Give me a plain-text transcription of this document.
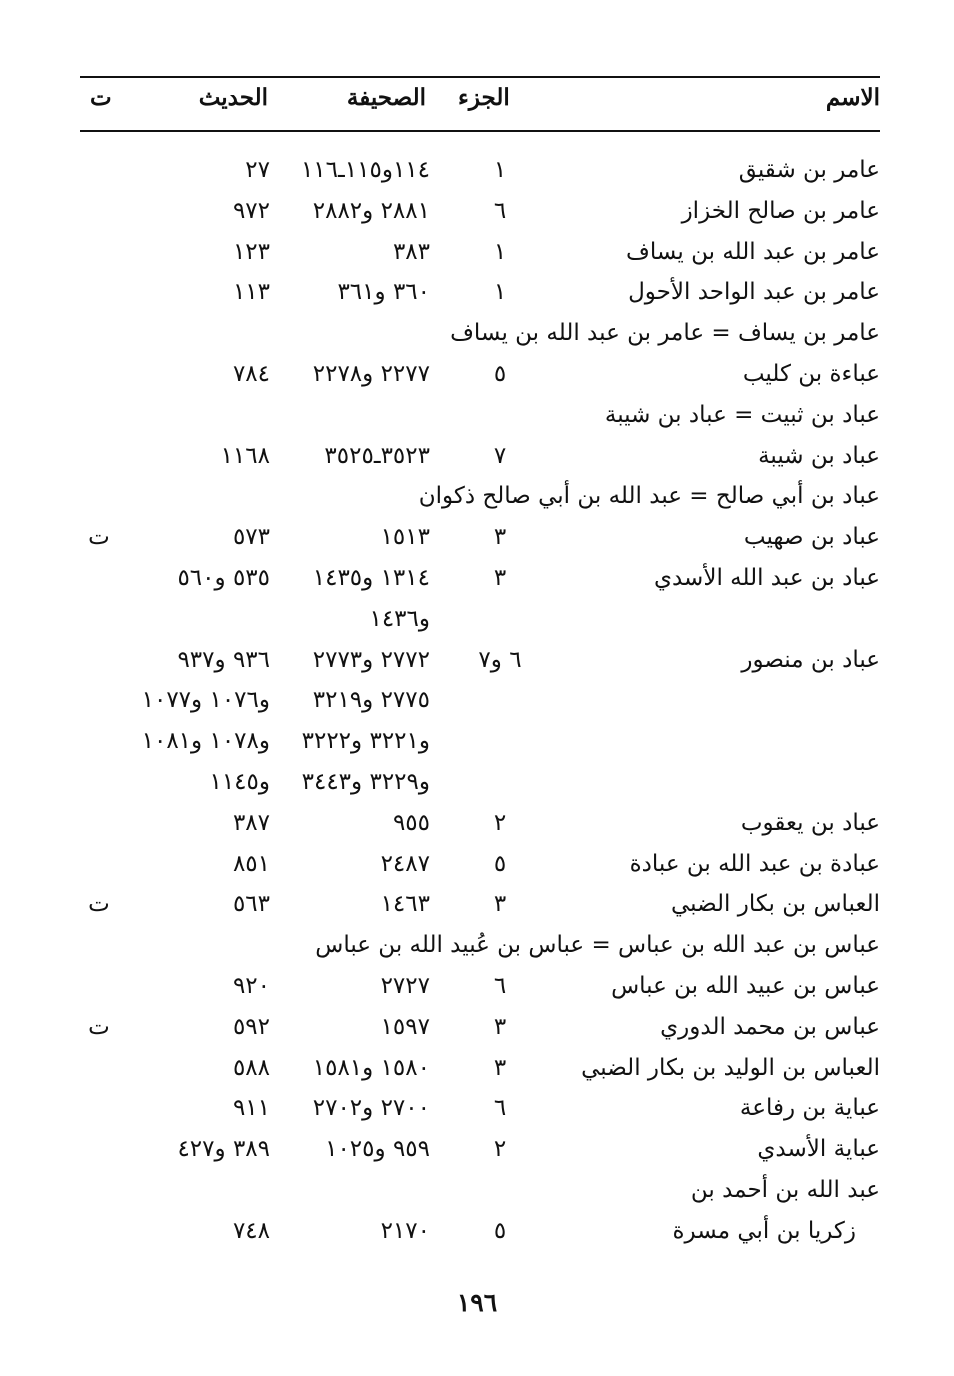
الاسم
الجزء
الصحيفة
الحديث
ت
عامر بن شقيق
١
١١٤و١١٥ـ١١٦
٢٧
عامر بن صالح الخزاز
٦
٢٨٨١ و٢٨٨٢
٩٧٢
عامر بن عبد الله بن يساف
١
٣٨٣
١٢٣
عامر بن عبد الواحد الأحول
١
٣٦٠ و٣٦١
١١٣
عامر بن يساف = عامر بن عبد الله بن يساف
عباءة بن كليب
٥
٢٢٧٧ و٢٢٧٨
٧٨٤
عباد بن ثبيت = عباد بن شيبة
عباد بن شيبة
٧
٣٥٢٣ـ٣٥٢٥
١١٦٨
عباد بن أبي صالح = عبد الله بن أبي صالح ذكوان
عباد بن صهيب
٣
١٥١٣
٥٧٣
ت
عباد بن عبد الله الأسدي
٣
١٣١٤ و١٤٣٥
٥٣٥ و٥٦٠
و١٤٣٦
عباد بن منصور
٦ و٧
٢٧٧٢ و٢٧٧٣
٩٣٦ و٩٣٧
٢٧٧٥ و٣٢١٩
و١٠٧٦ و١٠٧٧
و٣٢٢١ و٣٢٢٢
و١٠٧٨ و١٠٨١
و٣٢٢٩ و٣٤٤٣
و١١٤٥
عباد بن يعقوب
٢
٩٥٥
٣٨٧
عبادة بن عبد الله بن عبادة
٥
٢٤٨٧
٨٥١
العباس بن بكار الضبي
٣
١٤٦٣
٥٦٣
ت
عباس بن عبد الله بن عباس = عباس بن عُبيد الله بن عباس
عباس بن عبيد الله بن عباس
٦
٢٧٢٧
٩٢٠
عباس بن محمد الدوري
٣
١٥٩٧
٥٩٢
ت
العباس بن الوليد بن بكار الضبي
٣
١٥٨٠ و١٥٨١
٥٨٨
عباية بن رفاعة
٦
٢٧٠٠ و٢٧٠٢
٩١١
عباية الأسدي
٢
٩٥٩ و١٠٢٥
٣٨٩ و٤٢٧
عبد الله بن أحمد بن
زكريا بن أبي مسرة
٥
٢١٧٠
٧٤٨
١٩٦
